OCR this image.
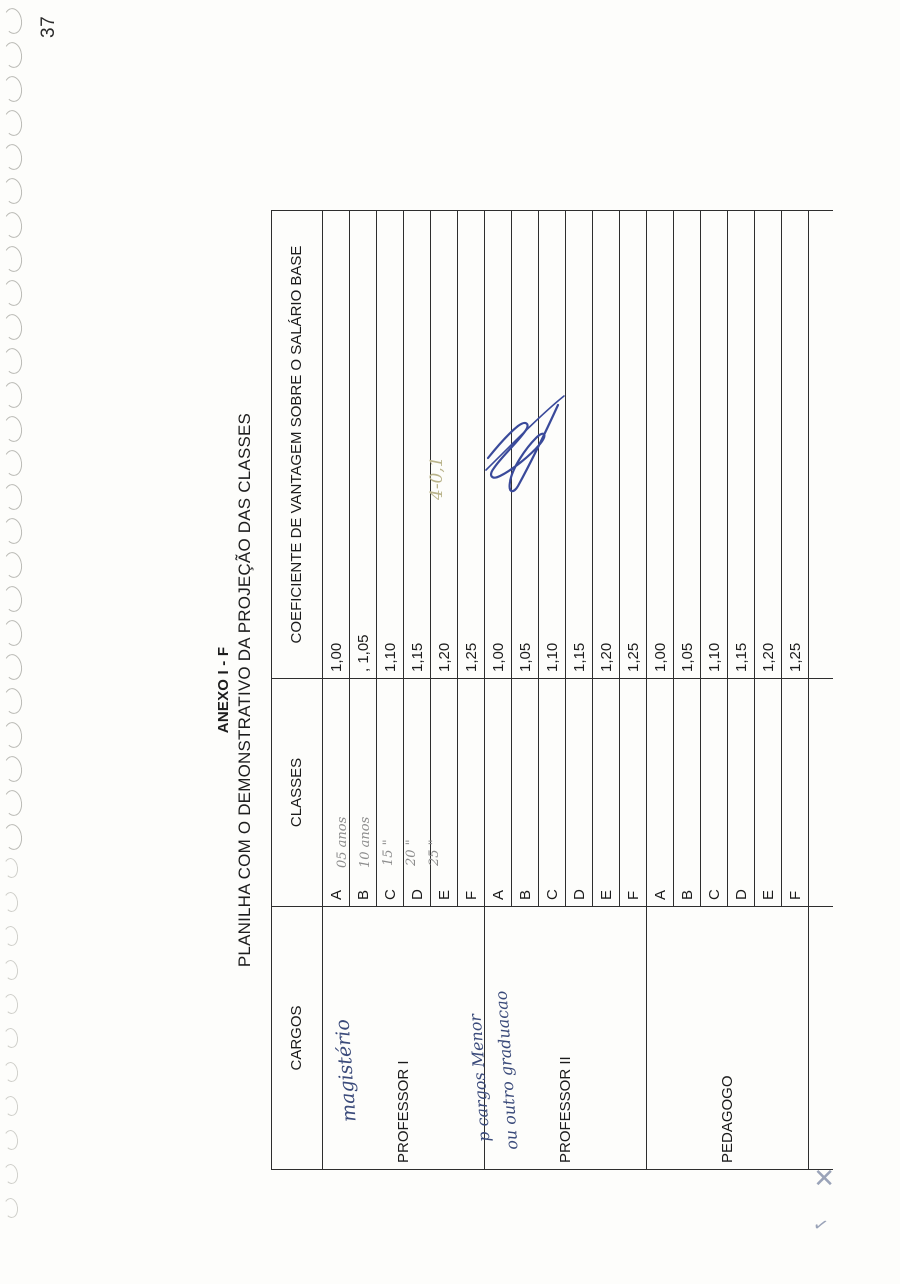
37
ANEXO I - F PLANILHA COM O DEMONSTRATIVO DA PROJEÇÃO DAS CLASSES
CARGOS	CLASSES	COEFICIENTE DE VANTAGEM SOBRE O SALÁRIO BASE
PROFESSOR I	A	1,00
	B	, 1,05
	C	1,10
	D	1,15
	E	1,20
	F	1,25
PROFESSOR II	A	1,00
	B	1,05
	C	1,10
	D	1,15
	E	1,20
	F	1,25
PEDAGOGO	A	1,00
	B	1,05
	C	1,10
	D	1,15
	E	1,20
	F	1,25

magistério	p cargos Menor
ou outro graduacao
05 anos 10 anos 15 " 20 " 25 "
4-0,1
✕
✓
